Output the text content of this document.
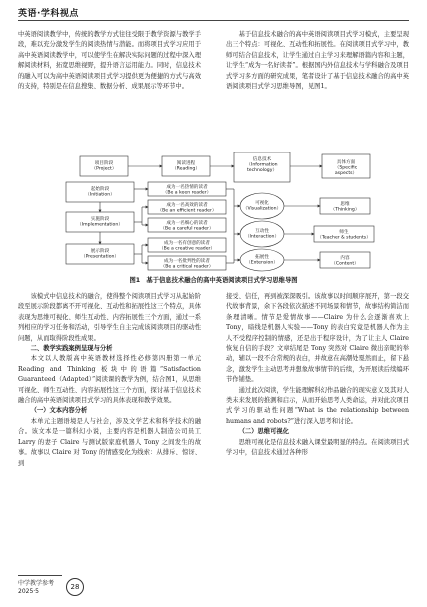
英语·学科视点

中英语阅读教学中，传统的教学方式往往受限于教学资源与教学手段，难以充分激发学生的阅读热情与潜能。而将项目式学习应用于高中英语阅读教学中，可以使学生在解决实际问题的过程中深入理解阅读材料，拓宽思维视野，提升语言运用能力。同时，信息技术的融入可以为高中英语阅读项目式学习提供更为便捷的方式与高效的支持，特别是在信息搜集、数据分析、成果展示等环节中。

基于信息技术融合的高中英语阅读项目式学习模式，主要呈现出三个特点：可视化、互动性和拓展性。在阅读项目式学习中，教师可结合信息技术，让学生通过自主学习来理解语篇内容和主题，让学生“成为一名好读者”。根据国内外信息技术与学科融合及项目式学习多方面的研究成果，笔者设计了基于信息技术融合的高中英语阅读项目式学习思维导图，见图1。

项目阶段（Project）
阅读进程（Reading）
信息技术（Information technology）
具体方面（Specific aspects）
起始阶段（Initiation）
实施阶段（Implementation）
展示阶段（Presentation）
成为一名热情的读者（Be a keen reader）
成为一名高效的读者（Be an efficient reader）
成为一名细心的读者（Be a careful reader）
成为一名有创意的读者（Be a creative reader）
成为一名批判性的读者（Be a critical reader）
可视化（Visualization）
互动性（Interaction）
拓展性（Extension）
思维（Thinking）
师生（Teacher & students）
内容（Content）
图1　基于信息技术融合的高中英语阅读项目式学习思维导图

该模式中信息技术的融合，使得整个阅读项目式学习从起始阶段至展示阶段都离不开可视化、互动性和拓展性这三个特点，具体表现为思维可视化、师生互动性、内容拓展性三个方面，通过一系列相应的学习任务和活动，引导学生自主完成该阅读项目的驱动性问题，从而取得阶段性成果。

二、教学实践案例呈现与分析

本文以人教版高中英语教材选择性必修第四册第一单元 Reading and Thinking 板块中的语篇“Satisfaction Guaranteed（Adapted）”阅读课的教学为例，结合图1，从思维可视化、师生互动性、内容拓展性这三个方面，探讨基于信息技术融合的高中英语阅读项目式学习的具体表现和教学效果。

（一）文本内容分析

本单元主题语境是人与社会，涉及文学艺术和科学技术的融合。该文本是一篇科幻小说，主要内容是机器人制造公司员工 Larry 的妻子 Claire 与测试版家庭机器人 Tony 之间发生的故事。故事以 Claire 对 Tony 的情感变化为线索：从排斥、惊讶、到

接受、信任，再到被深深吸引。该故事以时间顺序展开，第一段交代故事背景，余下各段依次描述不同场景和情节，故事结构简洁而条理清晰。情节是爱情故事——Claire 为什么会逐渐喜欢上 Tony，暗线是机器人实验——Tony 的表白究竟是机器人作为主人不受程序控制的情感，还是出于程序设计，为了让主人 Claire 恢复自信的手段？文章结尾是 Tony 突然对 Claire 微出亲昵的举动，辅以一段不合常规的表白，并故意在高潮处戛然而止，留下悬念，激发学生主动思考并想象故事情节的后续，为开展读后续编环节作铺垫。

通过此次阅读，学生能理解科幻作品融合的现实意义及其对人类未来发展的推测和启示，从而开始思考人类命运，并对此次项目式学习的驱动性问题“What is the relationship between humans and robots?”进行深入思考和讨论。

（二）思维可视化

思维可视化是信息技术融入课堂最明显的特点。在阅读项目式学习中，信息技术通过各种形

中学教学参考
2025·5
28
